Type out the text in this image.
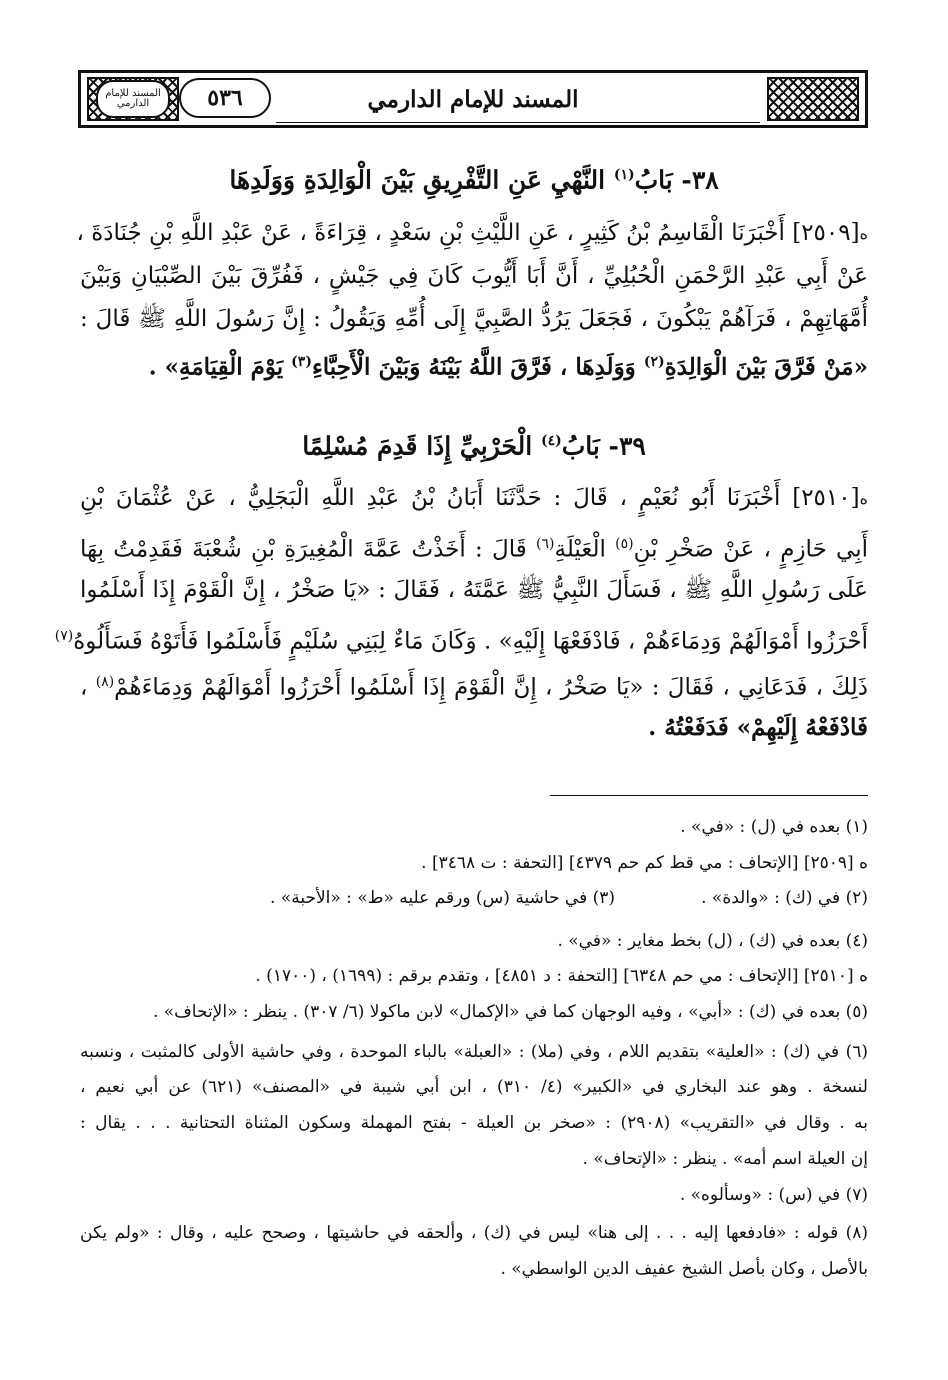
المسند للإمام الدارمي	المسند للإمام الدارمي
٥٣٦
٣٨- بَابُ$^{(١)}$ النَّهْيِ عَنِ التَّفْرِيقِ بَيْنَ الْوَالِدَةِ وَوَلَدِهَا
ه[٢٥٠٩] أَخْبَرَنَا الْقَاسِمُ بْنُ كَثِيرٍ ، عَنِ اللَّيْثِ بْنِ سَعْدٍ ، قِرَاءَةً ، عَنْ عَبْدِ اللَّهِ بْنِ جُنَادَةَ ،
عَنْ أَبِي عَبْدِ الرَّحْمَنِ الْحُبُلِيِّ ، أَنَّ أَبَا أَيُّوبَ كَانَ فِي جَيْشٍ ، فَفُرِّقَ بَيْنَ الصِّبْيَانِ وَبَيْنَ
أُمَّهَاتِهِمْ ، فَرَآهُمْ يَبْكُونَ ، فَجَعَلَ يَرُدُّ الصَّبِيَّ إِلَى أُمِّهِ وَيَقُولُ : إِنَّ رَسُولَ اللَّهِ ﷺ قَالَ :
«مَنْ فَرَّقَ بَيْنَ الْوَالِدَةِ$^{(٢)}$ وَوَلَدِهَا ، فَرَّقَ اللَّهُ بَيْنَهُ وَبَيْنَ الْأَحِبَّاءِ$^{(٣)}$ يَوْمَ الْقِيَامَةِ» .
٣٩- بَابُ$^{(٤)}$ الْحَرْبِيِّ إِذَا قَدِمَ مُسْلِمًا
ه[٢٥١٠] أَخْبَرَنَا أَبُو نُعَيْمٍ ، قَالَ : حَدَّثَنَا أَبَانُ بْنُ عَبْدِ اللَّهِ الْبَجَلِيُّ ، عَنْ عُثْمَانَ بْنِ
أَبِي حَازِمٍ ، عَنْ صَخْرِ بْنِ$^{(٥)}$ الْعَيْلَةِ$^{(٦)}$ قَالَ : أَخَذْتُ عَمَّةَ الْمُغِيرَةِ بْنِ شُعْبَةَ فَقَدِمْتُ بِهَا
عَلَى رَسُولِ اللَّهِ ﷺ ، فَسَأَلَ النَّبِيُّ ﷺ عَمَّتَهُ ، فَقَالَ : «يَا صَخْرُ ، إِنَّ الْقَوْمَ إِذَا أَسْلَمُوا
أَحْرَزُوا أَمْوَالَهُمْ وَدِمَاءَهُمْ ، فَادْفَعْهَا إِلَيْهِ» . وَكَانَ مَاءٌ لِبَنِي سُلَيْمٍ فَأَسْلَمُوا فَأَتَوْهُ فَسَأَلُوهُ$^{(٧)}$
ذَلِكَ ، فَدَعَانِي ، فَقَالَ : «يَا صَخْرُ ، إِنَّ الْقَوْمَ إِذَا أَسْلَمُوا أَحْرَزُوا أَمْوَالَهُمْ وَدِمَاءَهُمْ$^{(٨)}$ ،
فَادْفَعْهُ إِلَيْهِمْ» فَدَفَعْتُهُ .
(١) بعده في (ل) : «في» .
ه [٢٥٠٩] [الإتحاف : مي قط كم حم ٤٣٧٩] [التحفة : ت ٣٤٦٨] .
(٢) في (ك) : «والدة» .
(٣) في حاشية (س) ورقم عليه «ط» : «الأحبة» .
(٤) بعده في (ك) ، (ل) بخط مغاير : «في» .
ه [٢٥١٠] [الإتحاف : مي حم ٦٣٤٨] [التحفة : د ٤٨٥١] ، وتقدم برقم : (١٦٩٩) ، (١٧٠٠) .
(٥) بعده في (ك) : «أبي» ، وفيه الوجهان كما في «الإكمال» لابن ماكولا (٦/ ٣٠٧) . ينظر : «الإتحاف» .
(٦) في (ك) : «العلية» بتقديم اللام ، وفي (ملا) : «العبلة» بالباء الموحدة ، وفي حاشية الأولى كالمثبت ، ونسبه
لنسخة . وهو عند البخاري في «الكبير» (٤/ ٣١٠) ، ابن أبي شيبة في «المصنف» (٦٢١) عن أبي نعيم ،
به . وقال في «التقريب» (٢٩٠٨) : «صخر بن العيلة - بفتح المهملة وسكون المثناة التحتانية . . . يقال :
إن العيلة اسم أمه» . ينظر : «الإتحاف» .
(٧) في (س) : «وسألوه» .
(٨) قوله : «فادفعها إليه . . . إلى هنا» ليس في (ك) ، وألحقه في حاشيتها ، وصحح عليه ، وقال : «ولم يكن
بالأصل ، وكان بأصل الشيخ عفيف الدين الواسطي» .
